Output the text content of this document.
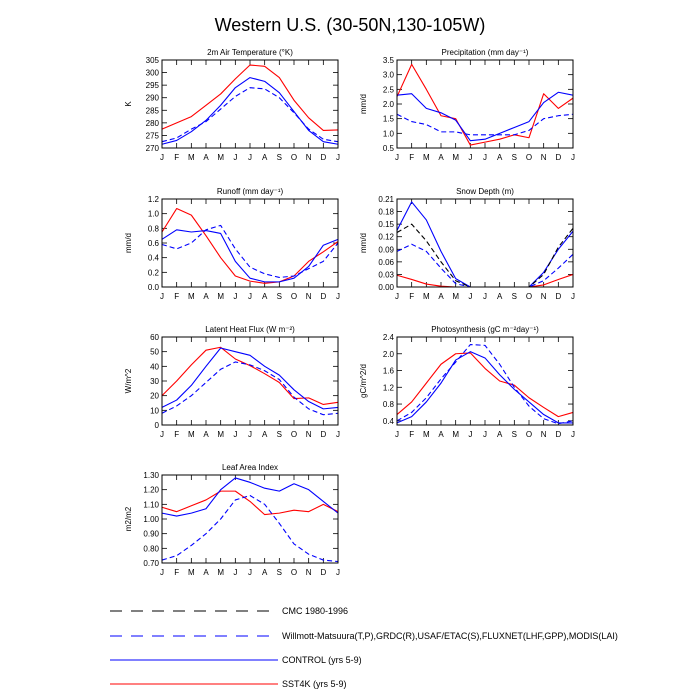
Western U.S. (30-50N,130-105W)
2m Air Temperature (°K)
K
270
275
280
285
290
295
300
305
J F M A M J J A S O N D J
Precipitation (mm day⁻¹)
mm/d
0.5
1.0
1.5
2.0
2.5
3.0
3.5
J F M A M J J A S O N D J
Runoff (mm day⁻¹)
mm/d
0.0
0.2
0.4
0.6
0.8
1.0
1.2
J F M A M J J A S O N D J
Snow Depth (m)
mm/d
0.00
0.03
0.06
0.09
0.12
0.15
0.18
0.21
J F M A M J J A S O N D J
Latent Heat Flux (W m⁻²)
W/m^2
0
10
20
30
40
50
60
J F M A M J J A S O N D J
Photosynthesis (gC m⁻²day⁻¹)
gC/m^2/d
0.4
0.8
1.2
1.6
2.0
2.4
J F M A M J J A S O N D J
Leaf Area Index
m2/m2
0.70
0.80
0.90
1.00
1.10
1.20
1.30
J F M A M J J A S O N D J
CMC 1980-1996
Willmott-Matsuura(T,P),GRDC(R),USAF/ETAC(S),FLUXNET(LHF,GPP),MODIS(LAI)
CONTROL (yrs 5-9)
SST4K (yrs 5-9)
